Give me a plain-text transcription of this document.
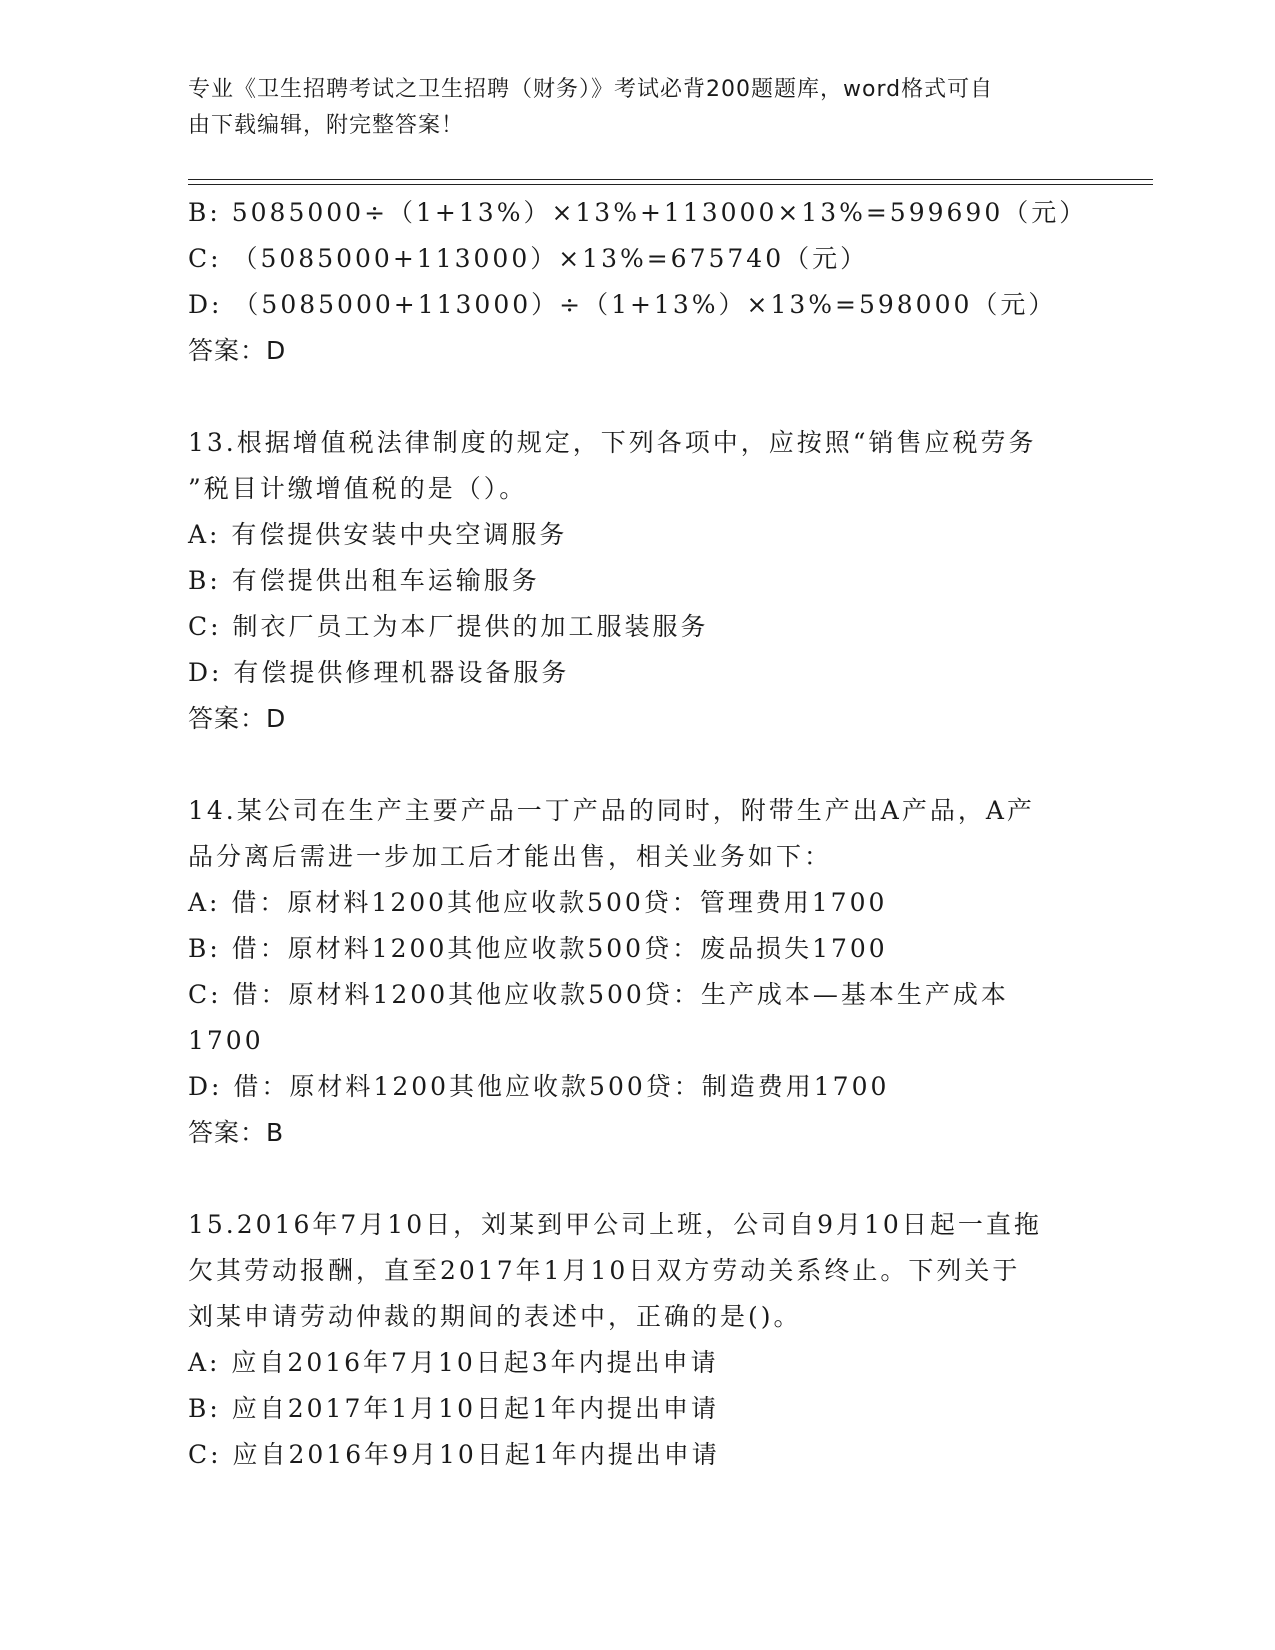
专业《卫生招聘考试之卫生招聘（财务）》考试必背200题题库，word格式可自
由下载编辑，附完整答案！
B: 5085000÷（1+13%）×13%+113000×13%=599690（元）
C: （5085000+113000）×13%=675740（元）
D: （5085000+113000）÷（1+13%）×13%=598000（元）
答案：D
13.根据增值税法律制度的规定，下列各项中，应按照“销售应税劳务
”税目计缴增值税的是（）。
A: 有偿提供安装中央空调服务
B: 有偿提供出租车运输服务
C: 制衣厂员工为本厂提供的加工服装服务
D: 有偿提供修理机器设备服务
答案：D
14.某公司在生产主要产品一丁产品的同时，附带生产出A产品，A产
品分离后需进一步加工后才能出售，相关业务如下：
A: 借：原材料1200其他应收款500贷：管理费用1700
B: 借：原材料1200其他应收款500贷：废品损失1700
C: 借：原材料1200其他应收款500贷：生产成本—基本生产成本
1700
D: 借：原材料1200其他应收款500贷：制造费用1700
答案：B
15.2016年7月10日，刘某到甲公司上班，公司自9月10日起一直拖
欠其劳动报酬，直至2017年1月10日双方劳动关系终止。下列关于
刘某申请劳动仲裁的期间的表述中，正确的是()。
A: 应自2016年7月10日起3年内提出申请
B: 应自2017年1月10日起1年内提出申请
C: 应自2016年9月10日起1年内提出申请
